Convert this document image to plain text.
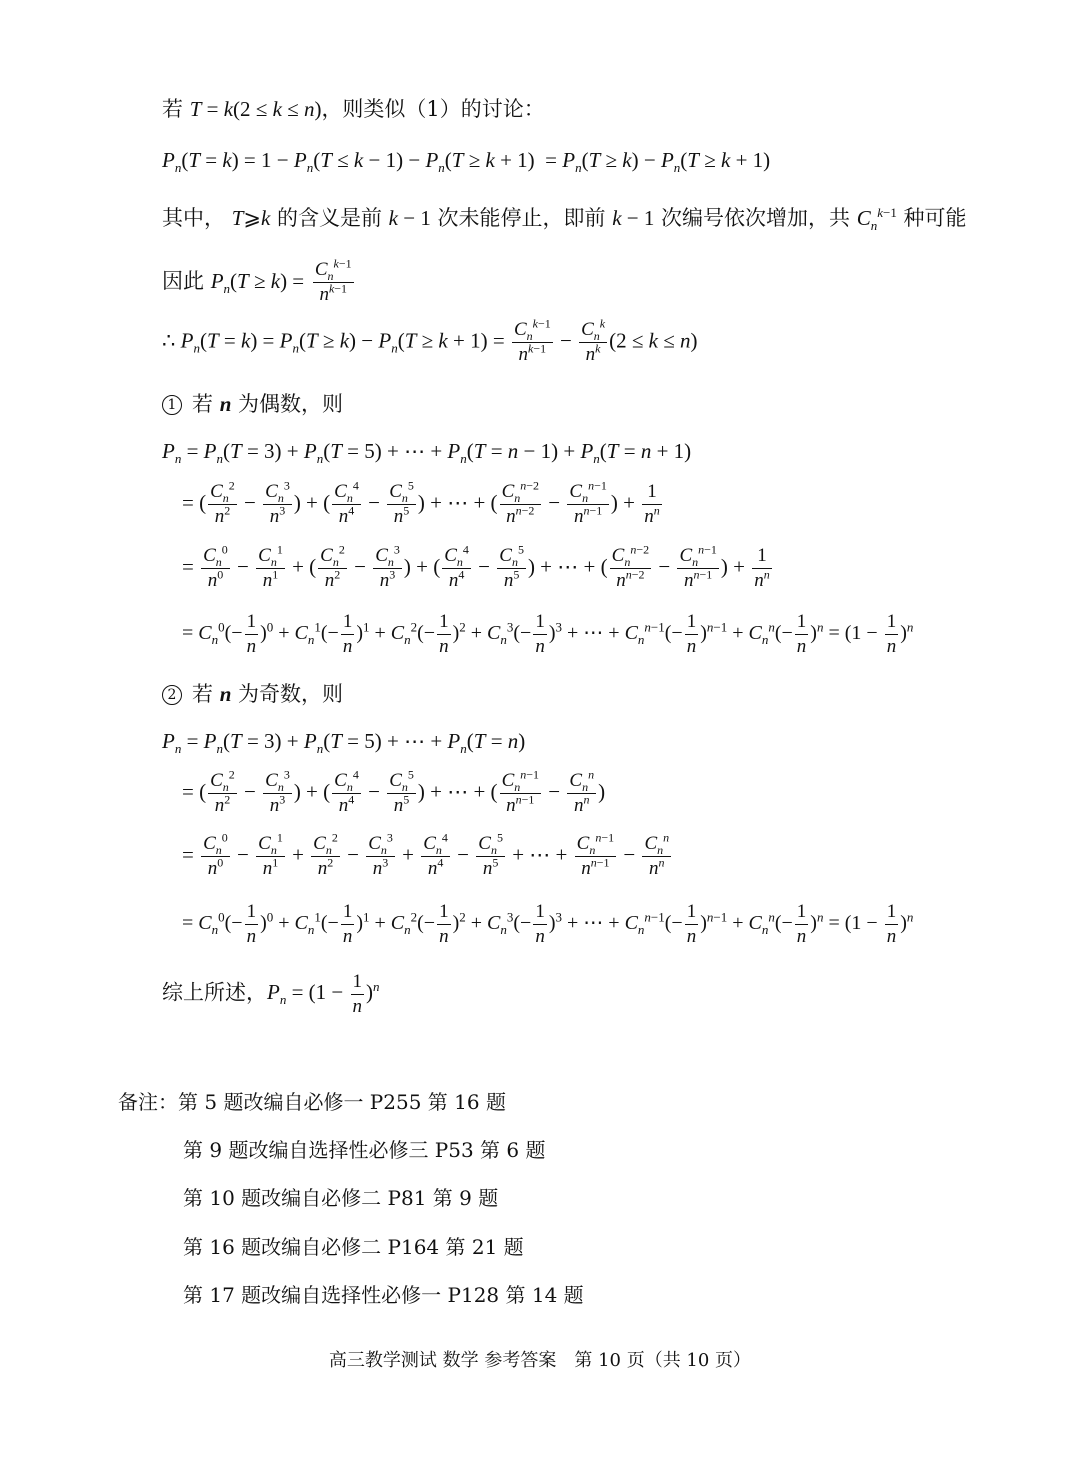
若 T = k(2 ≤ k ≤ n)，则类似（1）的讨论：
$P_n(T = k) = 1 - P_n(T \le k - 1) - P_n(T \ge k + 1) = P_n(T \ge k) - P_n(T \ge k + 1)$
其中， T⩾k 的含义是前 k − 1 次未能停止，即前 k − 1 次编号依次增加，共 $C_n^{k-1}$ 种可能
因此 $P_n(T \ge k) = \frac{C_n^{k-1}}{n^{k-1}}$
∴ $P_n(T = k) = P_n(T \ge k) - P_n(T \ge k + 1) = \frac{C_n^{k-1}}{n^{k-1}} - \frac{C_n^k}{n^k} (2 \le k \le n)$
1 若 n 为偶数，则
$P_n = P_n(T = 3) + P_n(T = 5)$ + ⋯ + $P_n(T = n - 1) + P_n(T = n + 1)$
= ( $\frac{C_n^2}{n^2} - \frac{C_n^3}{n^3}$ ) + ( $\frac{C_n^4}{n^4} - \frac{C_n^5}{n^5}$ ) + ⋯ + ( $\frac{C_n^{n-2}}{n^{n-2}} - \frac{C_n^{n-1}}{n^{n-1}}$ ) + $\frac{1}{n^n}$
= $\frac{C_n^0}{n^0} - \frac{C_n^1}{n^1}$ + ( $\frac{C_n^2}{n^2} - \frac{C_n^3}{n^3}$ ) + ( $\frac{C_n^4}{n^4} - \frac{C_n^5}{n^5}$ ) + ⋯ + ( $\frac{C_n^{n-2}}{n^{n-2}} - \frac{C_n^{n-1}}{n^{n-1}}$ ) + $\frac{1}{n^n}$
= $C_n^0(- \frac{1}{n} )^0 + C_n^1(- \frac{1}{n} )^1 + C_n^2(- \frac{1}{n} )^2 + C_n^3(- \frac{1}{n} )^3$ + ⋯ + $C_n^{n-1}(- \frac{1}{n} )^{n-1} + C_n^n(- \frac{1}{n} )^n = (1 - \frac{1}{n} )^n$
2 若 n 为奇数，则
$P_n = P_n(T = 3) + P_n(T = 5)$ + ⋯ + $P_n(T = n)$
= ( $\frac{C_n^2}{n^2} - \frac{C_n^3}{n^3}$ ) + ( $\frac{C_n^4}{n^4} - \frac{C_n^5}{n^5}$ ) + ⋯ + ( $\frac{C_n^{n-1}}{n^{n-1}} - \frac{C_n^n}{n^n}$ )
= $\frac{C_n^0}{n^0} - \frac{C_n^1}{n^1} + \frac{C_n^2}{n^2} - \frac{C_n^3}{n^3} + \frac{C_n^4}{n^4} - \frac{C_n^5}{n^5}$ + ⋯ + $\frac{C_n^{n-1}}{n^{n-1}} - \frac{C_n^n}{n^n}$
= $C_n^0(- \frac{1}{n} )^0 + C_n^1(- \frac{1}{n} )^1 + C_n^2(- \frac{1}{n} )^2 + C_n^3(- \frac{1}{n} )^3$ + ⋯ + $C_n^{n-1}(- \frac{1}{n} )^{n-1} + C_n^n(- \frac{1}{n} )^n = (1 - \frac{1}{n} )^n$
综上所述，$P_n = (1 - \frac{1}{n} )^n$
备注：第 5 题改编自必修一 P255 第 16 题
第 9 题改编自选择性必修三 P53 第 6 题
第 10 题改编自必修二 P81 第 9 题
第 16 题改编自必修二 P164 第 21 题
第 17 题改编自选择性必修一 P128 第 14 题
高三教学测试 数学 参考答案　第 10 页（共 10 页）
